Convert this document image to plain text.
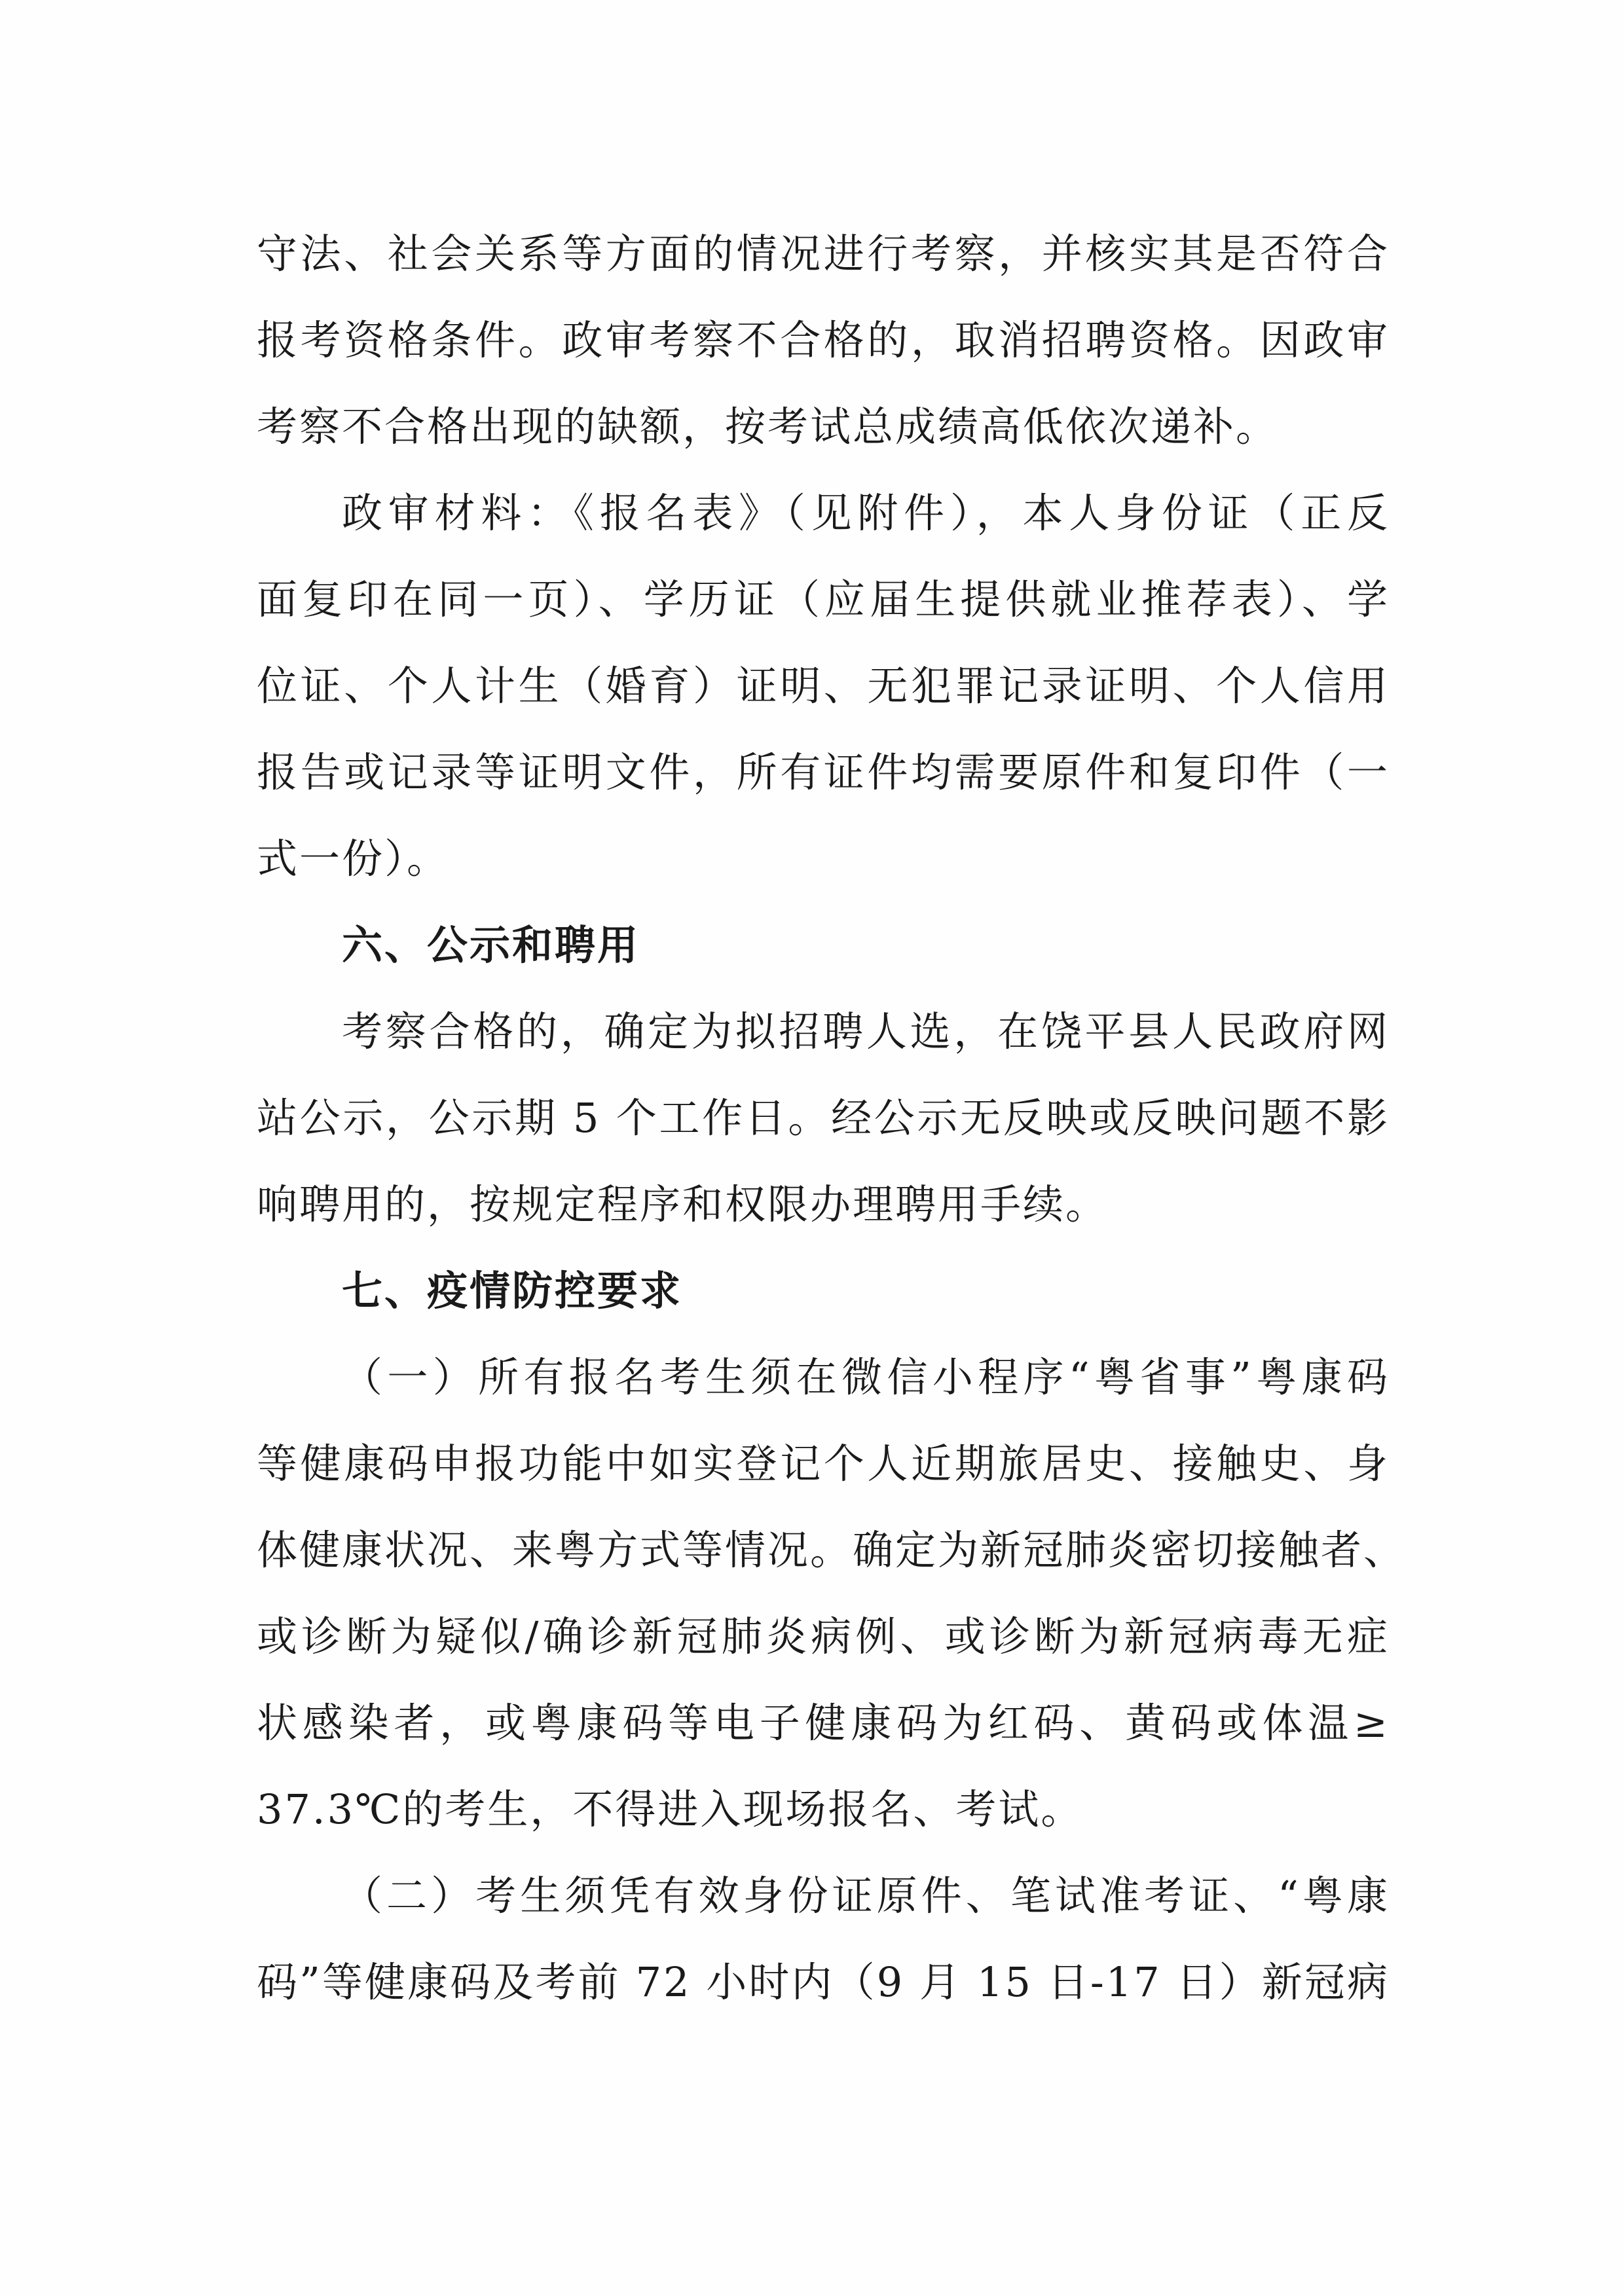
守法、社会关系等方面的情况进行考察，并核实其是否符合
报考资格条件。政审考察不合格的，取消招聘资格。因政审
考察不合格出现的缺额，按考试总成绩高低依次递补。
政审材料：《报名表》（见附件），本人身份证（正反
面复印在同一页）、学历证（应届生提供就业推荐表）、学
位证、个人计生（婚育）证明、无犯罪记录证明、个人信用
报告或记录等证明文件，所有证件均需要原件和复印件（一
式一份）。
六、公示和聘用
考察合格的，确定为拟招聘人选，在饶平县人民政府网
站公示，公示期 5 个工作日。经公示无反映或反映问题不影
响聘用的，按规定程序和权限办理聘用手续。
七、疫情防控要求
（一）所有报名考生须在微信小程序“粤省事”粤康码
等健康码申报功能中如实登记个人近期旅居史、接触史、身
体健康状况、来粤方式等情况。确定为新冠肺炎密切接触者、
或诊断为疑似/确诊新冠肺炎病例、或诊断为新冠病毒无症
状感染者，或粤康码等电子健康码为红码、黄码或体温≥
37.3℃的考生，不得进入现场报名、考试。
（二）考生须凭有效身份证原件、笔试准考证、“粤康
码”等健康码及考前 72 小时内（9 月 15 日-17 日）新冠病
